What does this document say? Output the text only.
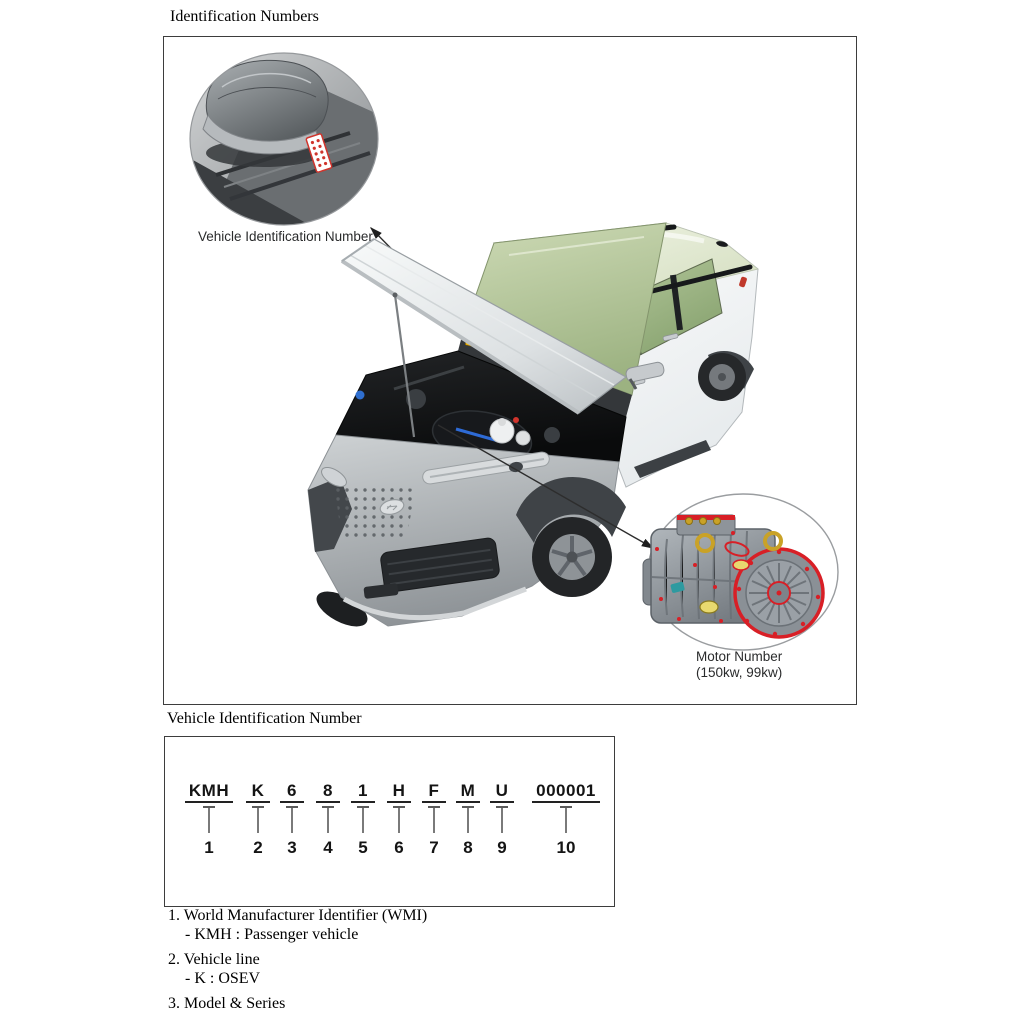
Identification Numbers
Vehicle Identification Number
Motor Number
(150kw, 99kw)
Vehicle Identification Number
KMH
1
K
2
6
3
8
4
1
5
H
6
F
7
M
8
U
9
000001
10
1. World Manufacturer Identifier (WMI)
- KMH : Passenger vehicle
2. Vehicle line
- K : OSEV
3. Model & Series
